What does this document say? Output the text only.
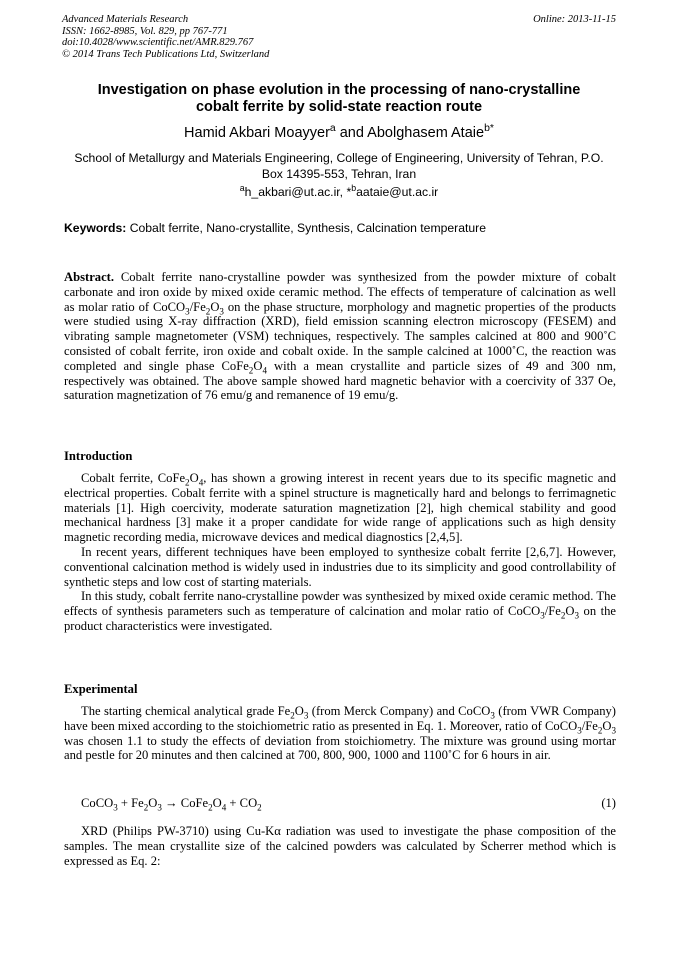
Advanced Materials Research
ISSN: 1662-8985, Vol. 829, pp 767-771
doi:10.4028/www.scientific.net/AMR.829.767
© 2014 Trans Tech Publications Ltd, Switzerland
Online: 2013-11-15
Investigation on phase evolution in the processing of nano-crystalline
cobalt ferrite by solid-state reaction route
Hamid Akbari Moayyer$^a$ and Abolghasem Ataie$^{b*}$
School of Metallurgy and Materials Engineering, College of Engineering, University of Tehran, P.O.
Box 14395-553, Tehran, Iran
$^a$h_akbari@ut.ac.ir, *$^b$aataie@ut.ac.ir
Keywords: Cobalt ferrite, Nano-crystallite, Synthesis, Calcination temperature
Abstract. Cobalt ferrite nano-crystalline powder was synthesized from the powder mixture of cobalt carbonate and iron oxide by mixed oxide ceramic method. The effects of temperature of calcination as well as molar ratio of $CoCO_3/Fe_2O_3$ on the phase structure, morphology and magnetic properties of the products were studied using X-ray diffraction (XRD), field emission scanning electron microscopy (FESEM) and vibrating sample magnetometer (VSM) techniques, respectively. The samples calcined at 800 and 900˚C consisted of cobalt ferrite, iron oxide and cobalt oxide. In the sample calcined at 1000˚C, the reaction was completed and single phase $CoFe_2O_4$ with a mean crystallite and particle sizes of 49 and 300 nm, respectively was obtained. The above sample showed hard magnetic behavior with a coercivity of 337 Oe, saturation magnetization of 76 emu/g and remanence of 19 emu/g.
Introduction

Cobalt ferrite, $CoFe_2O_4$, has shown a growing interest in recent years due to its specific magnetic and electrical properties. Cobalt ferrite with a spinel structure is magnetically hard and belongs to ferrimagnetic materials [1]. High coercivity, moderate saturation magnetization [2], high chemical stability and good mechanical hardness [3] make it a proper candidate for wide range of applications such as high density magnetic recording media, microwave devices and medical diagnostics [2,4,5].

In recent years, different techniques have been employed to synthesize cobalt ferrite [2,6,7]. However, conventional calcination method is widely used in industries due to its simplicity and good controllability of synthetic steps and low cost of starting materials.

In this study, cobalt ferrite nano-crystalline powder was synthesized by mixed oxide ceramic method. The effects of synthesis parameters such as temperature of calcination and molar ratio of $CoCO_3/Fe_2O_3$ on the product characteristics were investigated.

Experimental

The starting chemical analytical grade $Fe_2O_3$ (from Merck Company) and CoCO$_3$ (from VWR Company) have been mixed according to the stoichiometric ratio as presented in Eq. 1. Moreover, ratio of $CoCO_3/Fe_2O_3$ was chosen 1.1 to study the effects of deviation from stoichiometry. The mixture was ground using mortar and pestle for 20 minutes and then calcined at 700, 800, 900, 1000 and 1100˚C for 6 hours in air.

CoCO$_3$ + $Fe_2O_3$ → $CoFe_2O_4 + CO_2$	(1)

XRD (Philips PW-3710) using Cu-Kα radiation was used to investigate the phase composition of the samples. The mean crystallite size of the calcined powders was calculated by Scherrer method which is expressed as Eq. 2:
